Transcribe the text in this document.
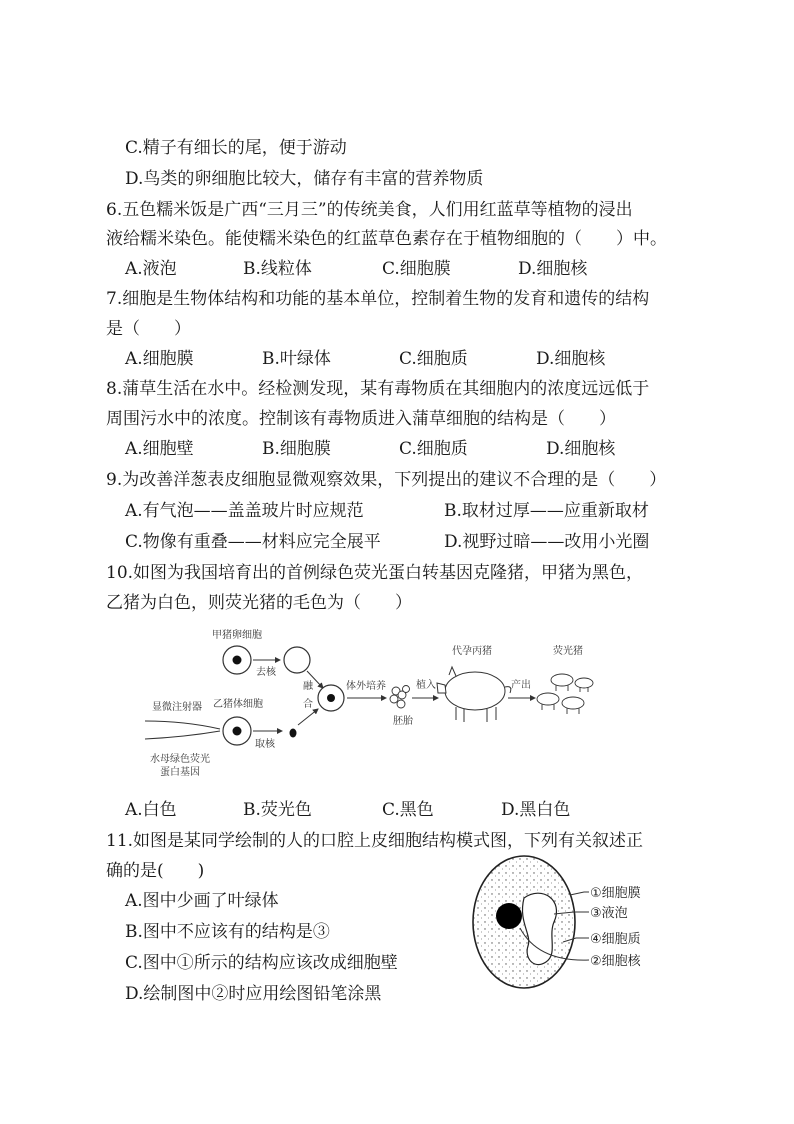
C.精子有细长的尾，便于游动
D.鸟类的卵细胞比较大，储存有丰富的营养物质
6.五色糯米饭是广西“三月三”的传统美食，人们用红蓝草等植物的浸出
液给糯米染色。能使糯米染色的红蓝草色素存在于植物细胞的（　　）中。
A.液泡	B.线粒体	C.细胞膜	D.细胞核
7.细胞是生物体结构和功能的基本单位，控制着生物的发育和遗传的结构
是（　　）
A.细胞膜	B.叶绿体	C.细胞质	D.细胞核
8.蒲草生活在水中。经检测发现，某有毒物质在其细胞内的浓度远远低于
周围污水中的浓度。控制该有毒物质进入蒲草细胞的结构是（　　）
A.细胞壁	B.细胞膜	C.细胞质	D.细胞核
9.为改善洋葱表皮细胞显微观察效果，下列提出的建议不合理的是（　　）
A.有气泡——盖盖玻片时应规范	B.取材过厚——应重新取材
C.物像有重叠——材料应完全展平	D.视野过暗——改用小光圈
10.如图为我国培育出的首例绿色荧光蛋白转基因克隆猪，甲猪为黑色，
乙猪为白色，则荧光猪的毛色为（　　）
甲猪卵细胞
去核
显微注射器 乙猪体细胞
取核
水母绿色荧光
蛋白基因
融
合
体外培养
胚胎
植入
代孕丙猪
产出
荧光猪
A.白色	B.荧光色	C.黑色	D.黑白色
11.如图是某同学绘制的人的口腔上皮细胞结构模式图，下列有关叙述正
确的是(　　)
A.图中少画了叶绿体
B.图中不应该有的结构是③
C.图中①所示的结构应该改成细胞壁
D.绘制图中②时应用绘图铅笔涂黑
①细胞膜
③液泡
④细胞质
②细胞核
